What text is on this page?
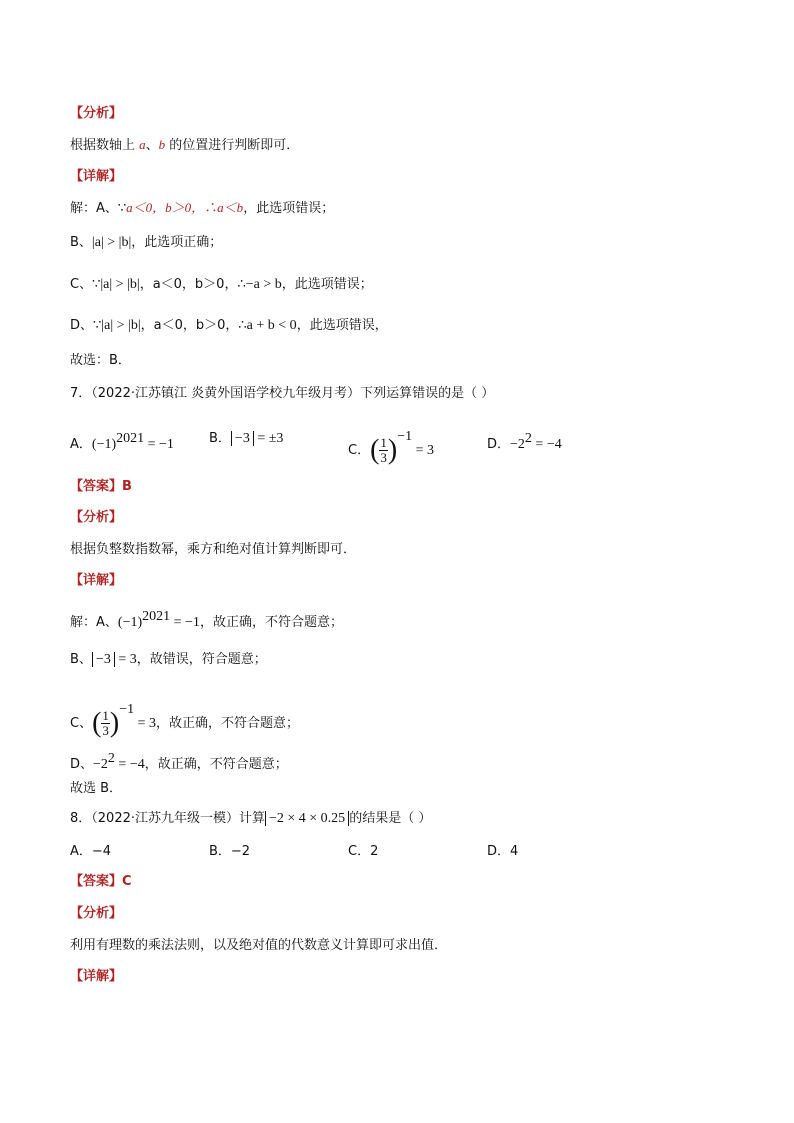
【分析】
根据数轴上 a、b 的位置进行判断即可．
【详解】
解：A、∵a＜0，b＞0，∴a＜b，此选项错误；
B、|a| > |b|，此选项正确；
C、∵|a| > |b|，a＜0，b＞0，∴−a > b，此选项错误；
D、∵|a| > |b|，a＜0，b＞0，∴a + b < 0，此选项错误，
故选：B．
7．（2022·江苏镇江 炎黄外国语学校九年级月考）下列运算错误的是（ ）
A．$(-1)^{2021} = -1$	B． −3 = ±3
C．( $\frac{1}{3} )^{-1} = 3$	D．$-2^2 = -4$
【答案】B
【分析】
根据负整数指数幂，乘方和绝对值计算判断即可．
【详解】
解：A、$(-1)^{2021} = -1$，故正确，不符合题意；
B、 −3 = 3，故错误，符合题意；
C、( $\frac{1}{3} )^{-1} = 3$，故正确，不符合题意；
D、$-2^2 = -4$，故正确，不符合题意；
故选 B．
8．（2022·江苏九年级一模）计算 −2 × 4 × 0.25 的结果是（ ）
A．−4	B．−2	C．2	D．4
【答案】C
【分析】
利用有理数的乘法法则，以及绝对值的代数意义计算即可求出值．
【详解】
